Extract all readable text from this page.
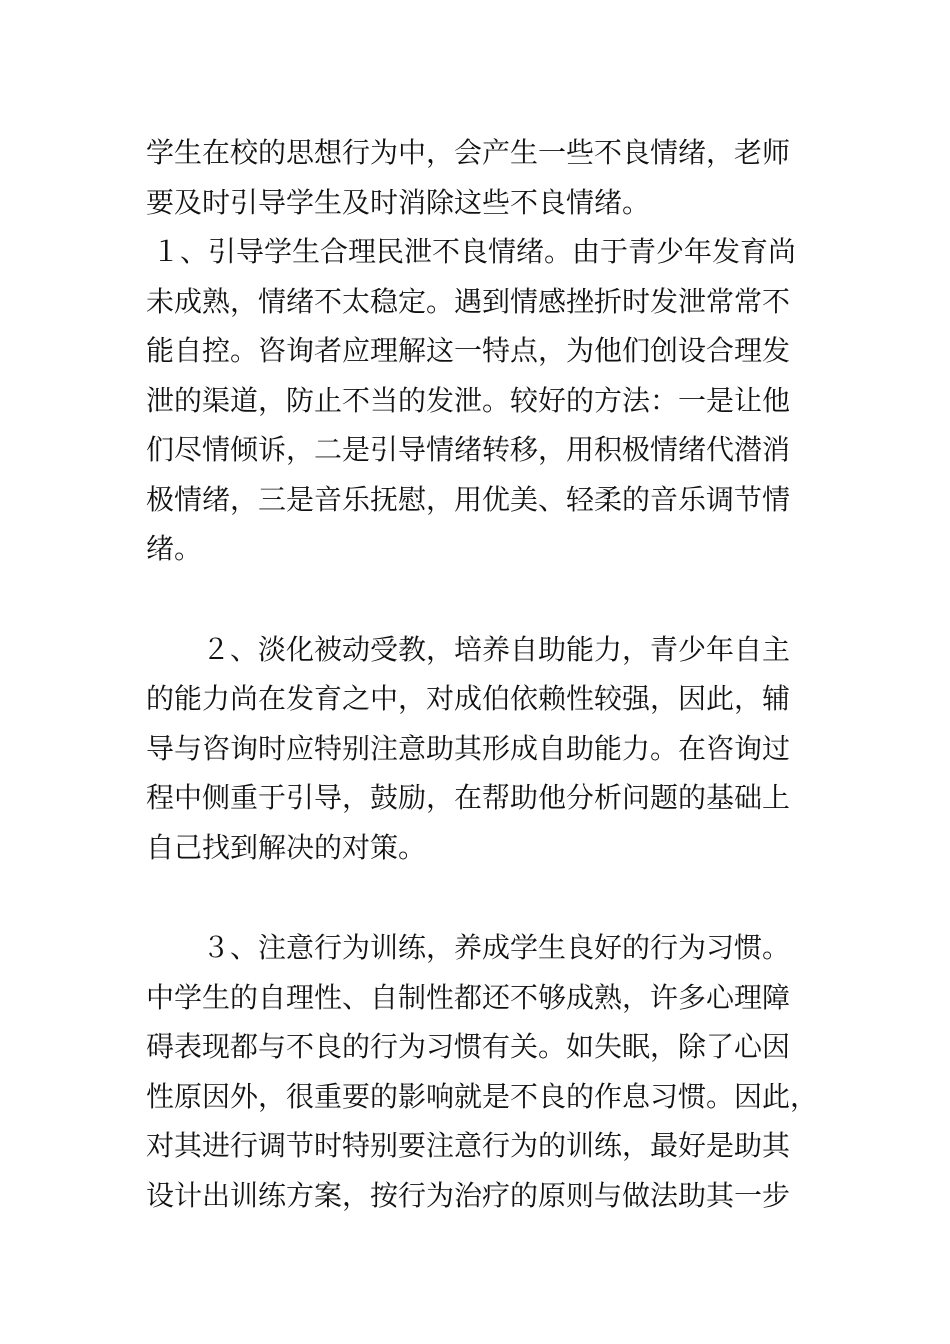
学生在校的思想行为中，会产生一些不良情绪，老师
要及时引导学生及时消除这些不良情绪。
１、引导学生合理民泄不良情绪。由于青少年发育尚
未成熟，情绪不太稳定。遇到情感挫折时发泄常常不
能自控。咨询者应理解这一特点，为他们创设合理发
泄的渠道，防止不当的发泄。较好的方法：一是让他
们尽情倾诉，二是引导情绪转移，用积极情绪代潜消
极情绪，三是音乐抚慰，用优美、轻柔的音乐调节情
绪。
２、淡化被动受教，培养自助能力，青少年自主
的能力尚在发育之中，对成伯依赖性较强，因此，辅
导与咨询时应特别注意助其形成自助能力。在咨询过
程中侧重于引导，鼓励，在帮助他分析问题的基础上
自己找到解决的对策。
３、注意行为训练，养成学生良好的行为习惯。
中学生的自理性、自制性都还不够成熟，许多心理障
碍表现都与不良的行为习惯有关。如失眠，除了心因
性原因外，很重要的影响就是不良的作息习惯。因此，
对其进行调节时特别要注意行为的训练，最好是助其
设计出训练方案，按行为治疗的原则与做法助其一步
